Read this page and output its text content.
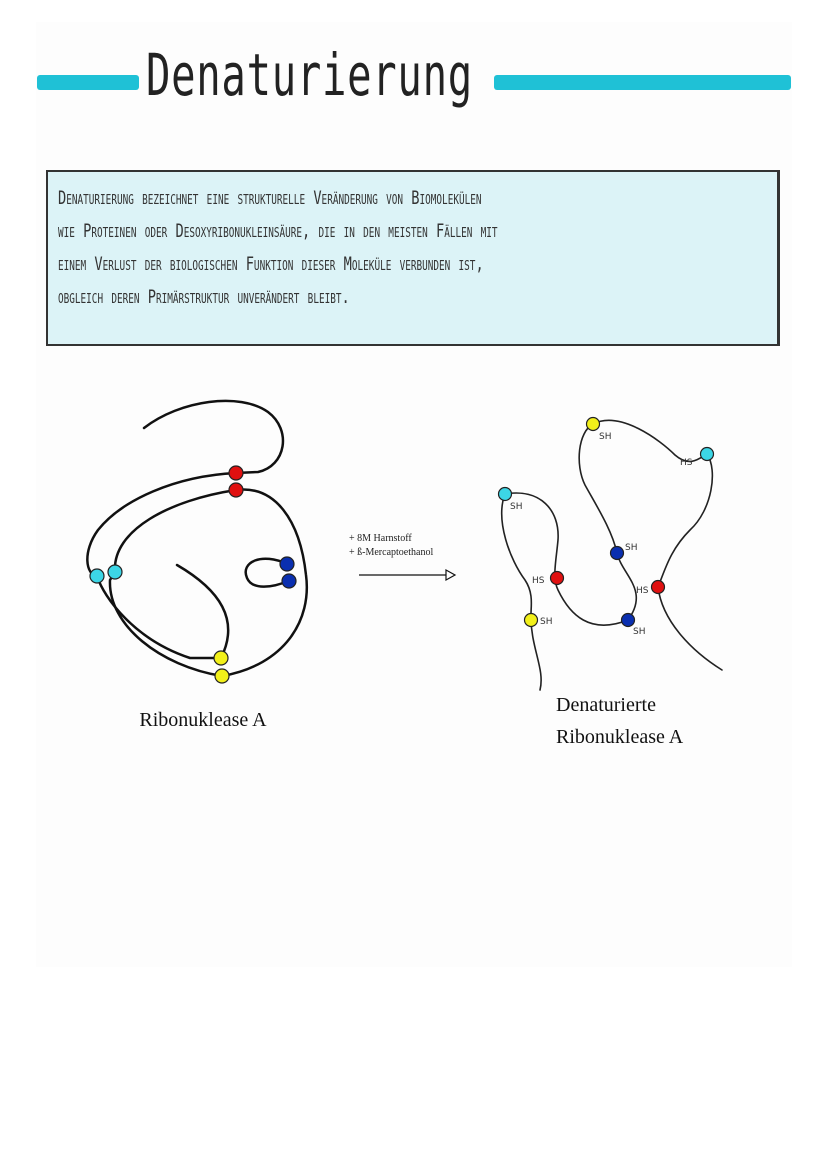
Denaturierung

Denaturierung bezeichnet eine strukturelle Veränderung von Biomolekülen
wie Proteinen oder Desoxyribonukleinsäure, die in den meisten Fällen mit
einem Verlust der biologischen Funktion dieser Moleküle verbunden ist,
obgleich deren Primärstruktur unverändert bleibt.

Ribonuklease A
+ 8M Harnstoff
+ ß-Mercaptoethanol
SH
HS
SH
SH
HS
HS
SH
SH
Denaturierte
Ribonuklease A
